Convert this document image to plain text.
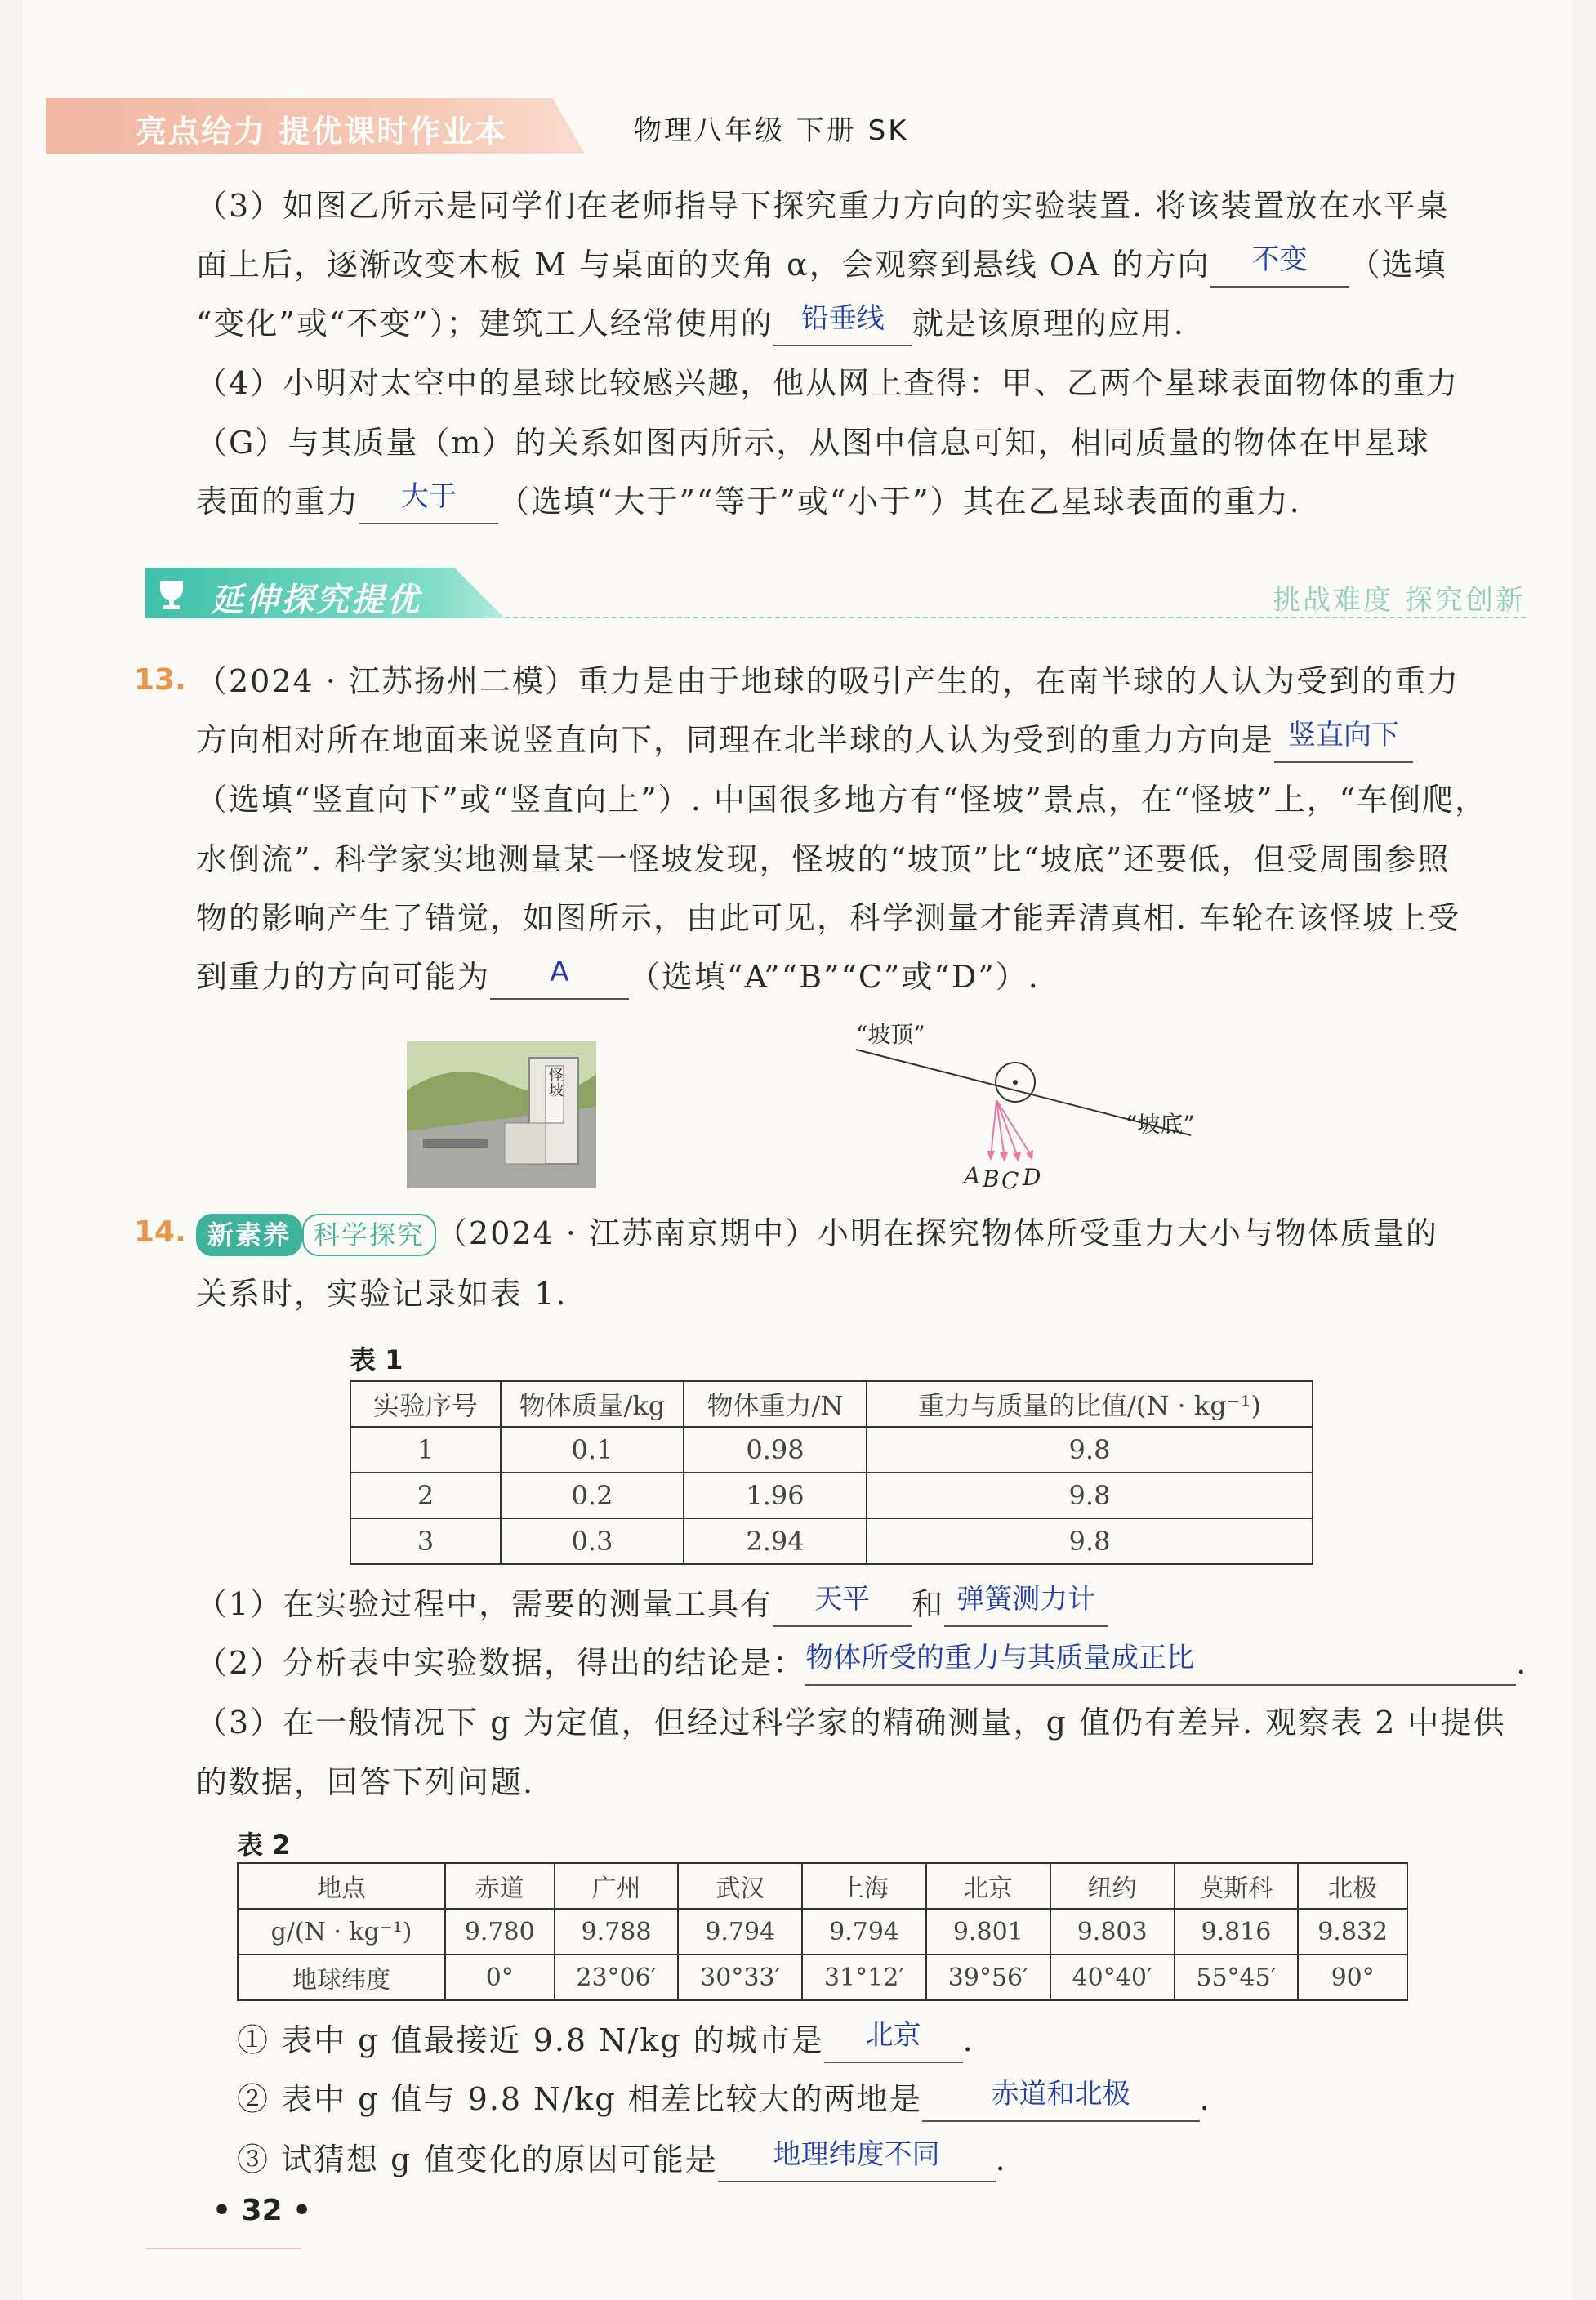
亮点给力 提优课时作业本	物理八年级 下册 SK
（3）如图乙所示是同学们在老师指导下探究重力方向的实验装置. 将该装置放在水平桌
面上后，逐渐改变木板 M 与桌面的夹角 α，会观察到悬线 OA 的方向 不变 （选填
“变化”或“不变”）；建筑工人经常使用的 铅垂线 就是该原理的应用.
（4）小明对太空中的星球比较感兴趣，他从网上查得：甲、乙两个星球表面物体的重力
（G）与其质量（m）的关系如图丙所示，从图中信息可知，相同质量的物体在甲星球
表面的重力 大于 （选填“大于”“等于”或“小于”）其在乙星球表面的重力.
延伸探究提优	挑战难度 探究创新
13. （2024 · 江苏扬州二模）重力是由于地球的吸引产生的，在南半球的人认为受到的重力
方向相对所在地面来说竖直向下，同理在北半球的人认为受到的重力方向是 竖直向下
（选填“竖直向下”或“竖直向上”）. 中国很多地方有“怪坡”景点，在“怪坡”上，“车倒爬，
水倒流”. 科学家实地测量某一怪坡发现，怪坡的“坡顶”比“坡底”还要低，但受周围参照
物的影响产生了错觉，如图所示，由此可见，科学测量才能弄清真相. 车轮在该怪坡上受
到重力的方向可能为 A （选填“A”“B”“C”或“D”）.
怪坡
“坡顶”
“坡底”
A B C D
14. 新素养 科学探究 （2024 · 江苏南京期中）小明在探究物体所受重力大小与物体质量的
关系时，实验记录如表 1.
表 1
实验序号	物体质量/kg	物体重力/N	重力与质量的比值/(N · kg⁻¹)
1	0.1	0.98	9.8
2	0.2	1.96	9.8
3	0.3	2.94	9.8
（1）在实验过程中，需要的测量工具有 天平 和 弹簧测力计
（2）分析表中实验数据，得出的结论是：物体所受的重力与其质量成正比	.
（3）在一般情况下 g 为定值，但经过科学家的精确测量，g 值仍有差异. 观察表 2 中提供
的数据，回答下列问题.
表 2
地点	赤道	广州	武汉	上海	北京	纽约	莫斯科	北极
g/(N · kg⁻¹)	9.780	9.788	9.794	9.794	9.801	9.803	9.816	9.832
地球纬度	0°	23°06′	30°33′	31°12′	39°56′	40°40′	55°45′	90°
① 表中 g 值最接近 9.8 N/kg 的城市是 北京 .
② 表中 g 值与 9.8 N/kg 相差比较大的两地是	赤道和北极 .
③ 试猜想 g 值变化的原因可能是 地理纬度不同 .
• 32 •
